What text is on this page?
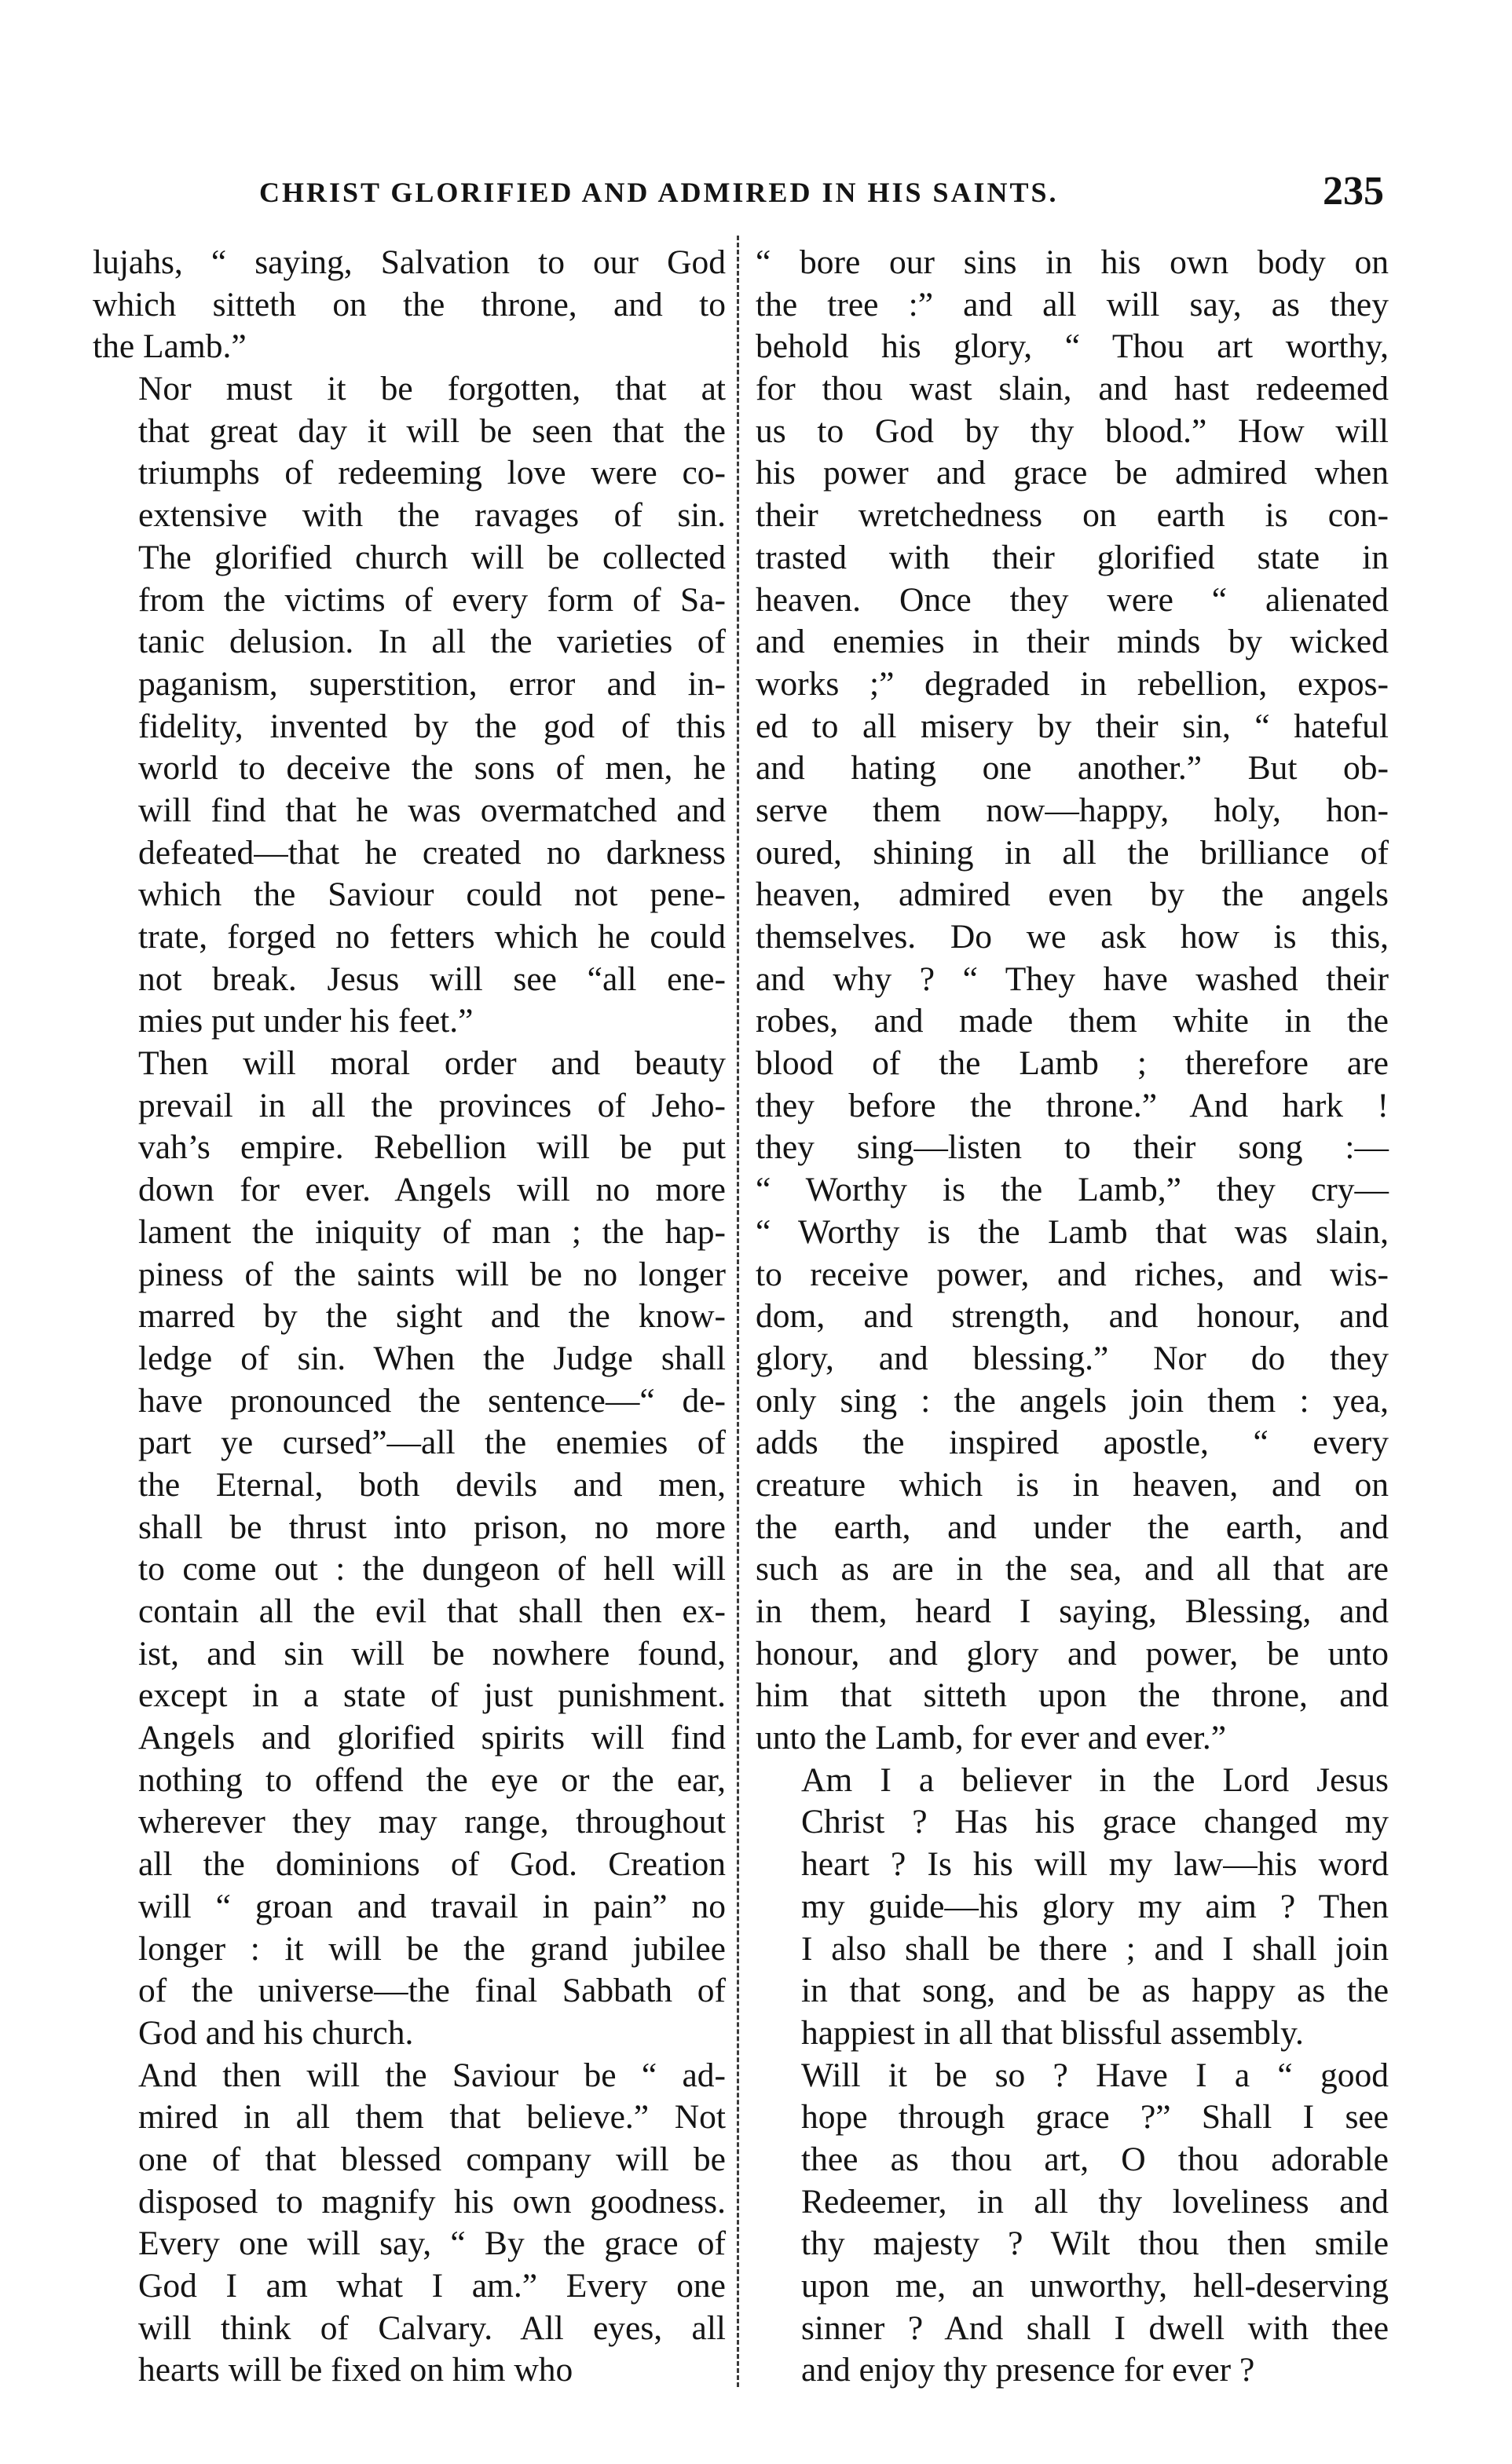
CHRIST GLORIFIED AND ADMIRED IN HIS SAINTS.	235

lujahs, “ saying, Salvation to our God
which sitteth on the throne, and to
the Lamb.”

Nor must it be forgotten, that at
that great day it will be seen that the
triumphs of redeeming love were co-
extensive with the ravages of sin.
The glorified church will be collected
from the victims of every form of Sa-
tanic delusion. In all the varieties of
paganism, superstition, error and in-
fidelity, invented by the god of this
world to deceive the sons of men, he
will find that he was overmatched and
defeated—that he created no darkness
which the Saviour could not pene-
trate, forged no fetters which he could
not break. Jesus will see “all ene-
mies put under his feet.”

Then will moral order and beauty
prevail in all the provinces of Jeho-
vah’s empire. Rebellion will be put
down for ever. Angels will no more
lament the iniquity of man ; the hap-
piness of the saints will be no longer
marred by the sight and the know-
ledge of sin. When the Judge shall
have pronounced the sentence—“ de-
part ye cursed”—all the enemies of
the Eternal, both devils and men,
shall be thrust into prison, no more
to come out : the dungeon of hell will
contain all the evil that shall then ex-
ist, and sin will be nowhere found,
except in a state of just punishment.
Angels and glorified spirits will find
nothing to offend the eye or the ear,
wherever they may range, throughout
all the dominions of God. Creation
will “ groan and travail in pain” no
longer : it will be the grand jubilee
of the universe—the final Sabbath of
God and his church.

And then will the Saviour be “ ad-
mired in all them that believe.” Not
one of that blessed company will be
disposed to magnify his own goodness.
Every one will say, “ By the grace of
God I am what I am.” Every one
will think of Calvary. All eyes, all
hearts will be fixed on him who

“ bore our sins in his own body on
the tree :” and all will say, as they
behold his glory, “ Thou art worthy,
for thou wast slain, and hast redeemed
us to God by thy blood.” How will
his power and grace be admired when
their wretchedness on earth is con-
trasted with their glorified state in
heaven. Once they were “ alienated
and enemies in their minds by wicked
works ;” degraded in rebellion, expos-
ed to all misery by their sin, “ hateful
and hating one another.” But ob-
serve them now—happy, holy, hon-
oured, shining in all the brilliance of
heaven, admired even by the angels
themselves. Do we ask how is this,
and why ? “ They have washed their
robes, and made them white in the
blood of the Lamb ; therefore are
they before the throne.” And hark !
they sing—listen to their song :—
“ Worthy is the Lamb,” they cry—
“ Worthy is the Lamb that was slain,
to receive power, and riches, and wis-
dom, and strength, and honour, and
glory, and blessing.” Nor do they
only sing : the angels join them : yea,
adds the inspired apostle, “ every
creature which is in heaven, and on
the earth, and under the earth, and
such as are in the sea, and all that are
in them, heard I saying, Blessing, and
honour, and glory and power, be unto
him that sitteth upon the throne, and
unto the Lamb, for ever and ever.”

Am I a believer in the Lord Jesus
Christ ? Has his grace changed my
heart ? Is his will my law—his word
my guide—his glory my aim ? Then
I also shall be there ; and I shall join
in that song, and be as happy as the
happiest in all that blissful assembly.

Will it be so ? Have I a “ good
hope through grace ?” Shall I see
thee as thou art, O thou adorable
Redeemer, in all thy loveliness and
thy majesty ? Wilt thou then smile
upon me, an unworthy, hell-deserving
sinner ? And shall I dwell with thee
and enjoy thy presence for ever ?
